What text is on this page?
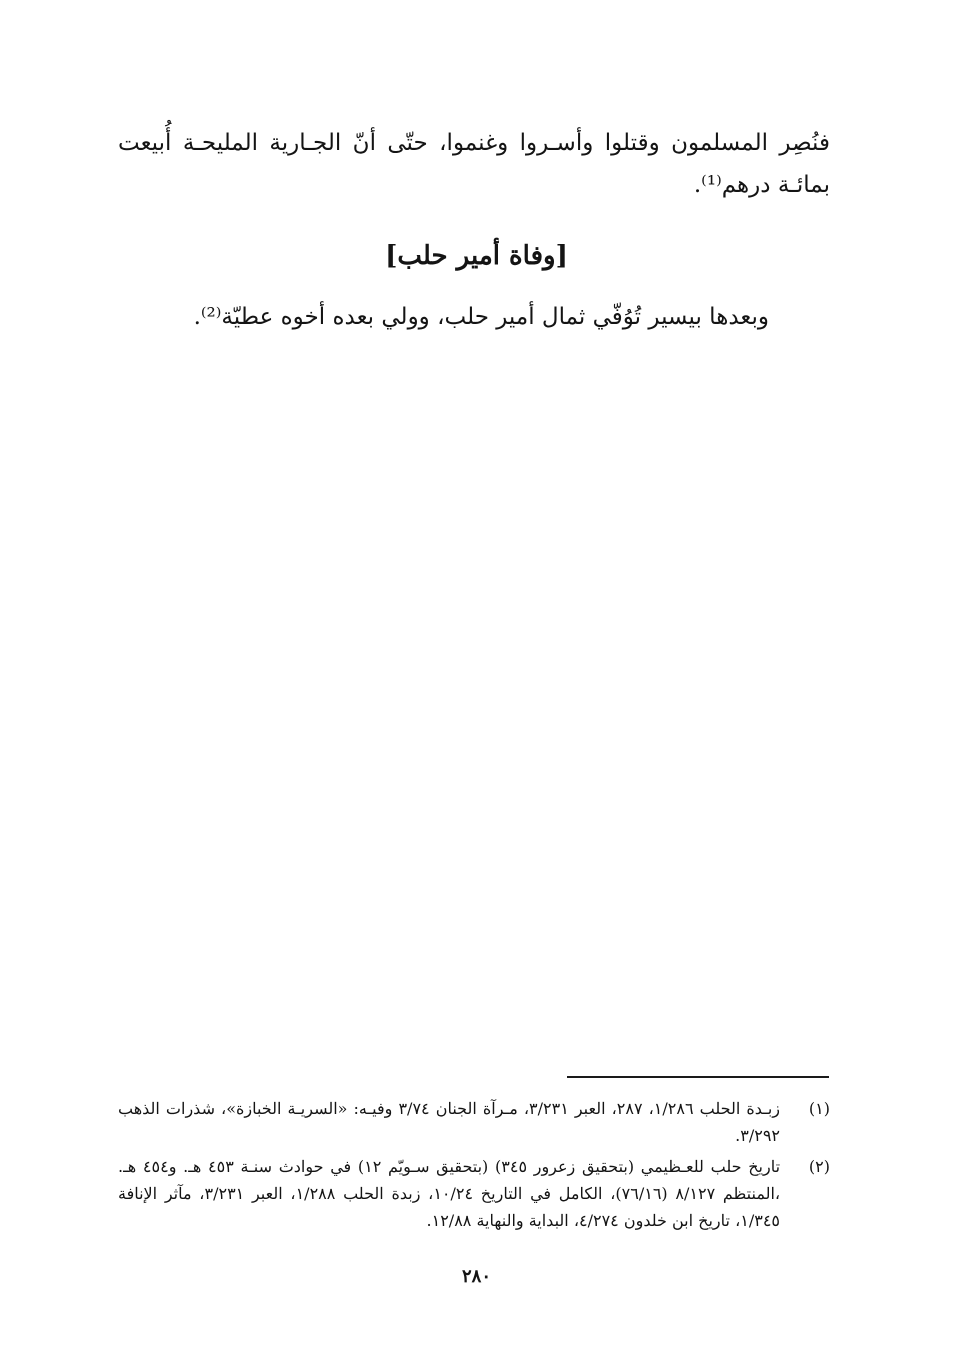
فنُصِر المسلمون وقتلوا وأسـروا وغنموا، حتّى أنّ الجـارية المليحـة أُبيعت بمائـة درهم⁽¹⁾.
[وفاة أمير حلب]
وبعدها بيسير تُوُفّي ثمال أمير حلب، وولي بعده أخوه عطيّة⁽²⁾.
(١)
زبـدة الحلب ١/٢٨٦، ٢٨٧، العبر ٣/٢٣١، مـرآة الجنان ٣/٧٤ وفيـه: «السريـة الخبازة»، شذرات الذهب ٣/٢٩٢.
(٢)
تاريخ حلب للعـظيمي (بتحقيق زعرور ٣٤٥) (بتحقيق سـويّم ١٢) في حوادث سنـة ٤٥٣ هـ. و٤٥٤ هـ. ،المنتظم ٨/١٢٧ (٧٦/١٦)، الكامل في التاريخ ١٠/٢٤، زبدة الحلب ١/٢٨٨، العبر ٣/٢٣١، مآثر الإنافة ١/٣٤٥، تاريخ ابن خلدون ٤/٢٧٤، البداية والنهاية ١٢/٨٨.
٢٨٠
